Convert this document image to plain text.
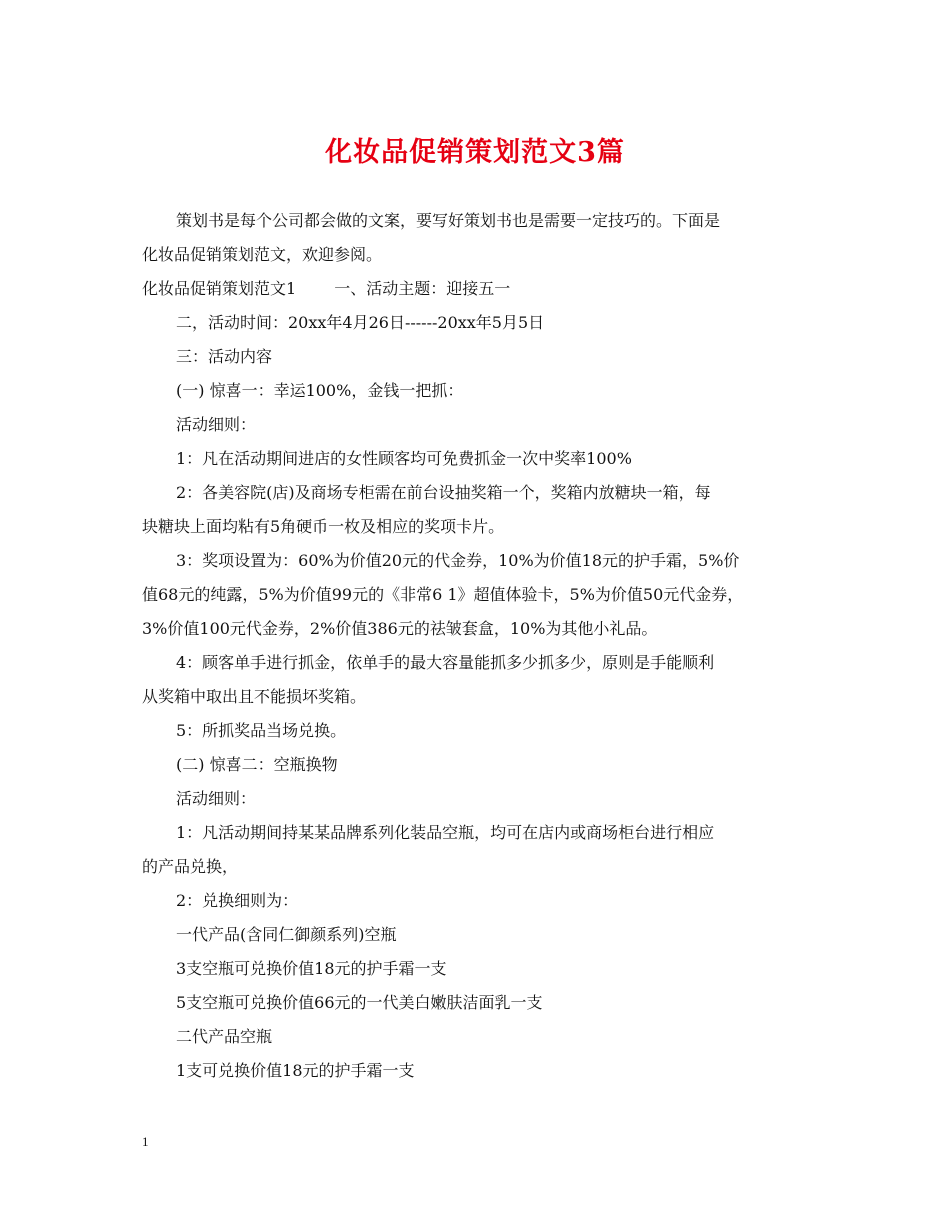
化妆品促销策划范文3篇
策划书是每个公司都会做的文案，要写好策划书也是需要一定技巧的。下面是
化妆品促销策划范文，欢迎参阅。
化妆品促销策划范文1 一、活动主题：迎接五一
二，活动时间：20xx年4月26日------20xx年5月5日
三：活动内容
(一) 惊喜一：幸运100%，金钱一把抓：
活动细则：
1：凡在活动期间进店的女性顾客均可免费抓金一次中奖率100%
2：各美容院(店)及商场专柜需在前台设抽奖箱一个，奖箱内放糖块一箱，每
块糖块上面均粘有5角硬币一枚及相应的奖项卡片。
3：奖项设置为：60%为价值20元的代金券，10%为价值18元的护手霜，5%价
值68元的纯露，5%为价值99元的《非常6 1》超值体验卡，5%为价值50元代金券，
3%价值100元代金券，2%价值386元的祛皱套盒，10%为其他小礼品。
4：顾客单手进行抓金，依单手的最大容量能抓多少抓多少，原则是手能顺利
从奖箱中取出且不能损坏奖箱。
5：所抓奖品当场兑换。
(二) 惊喜二：空瓶换物
活动细则：
1：凡活动期间持某某品牌系列化装品空瓶，均可在店内或商场柜台进行相应
的产品兑换，
2：兑换细则为：
一代产品(含同仁御颜系列)空瓶
3支空瓶可兑换价值18元的护手霜一支
5支空瓶可兑换价值66元的一代美白嫩肤洁面乳一支
二代产品空瓶
1支可兑换价值18元的护手霜一支
1
